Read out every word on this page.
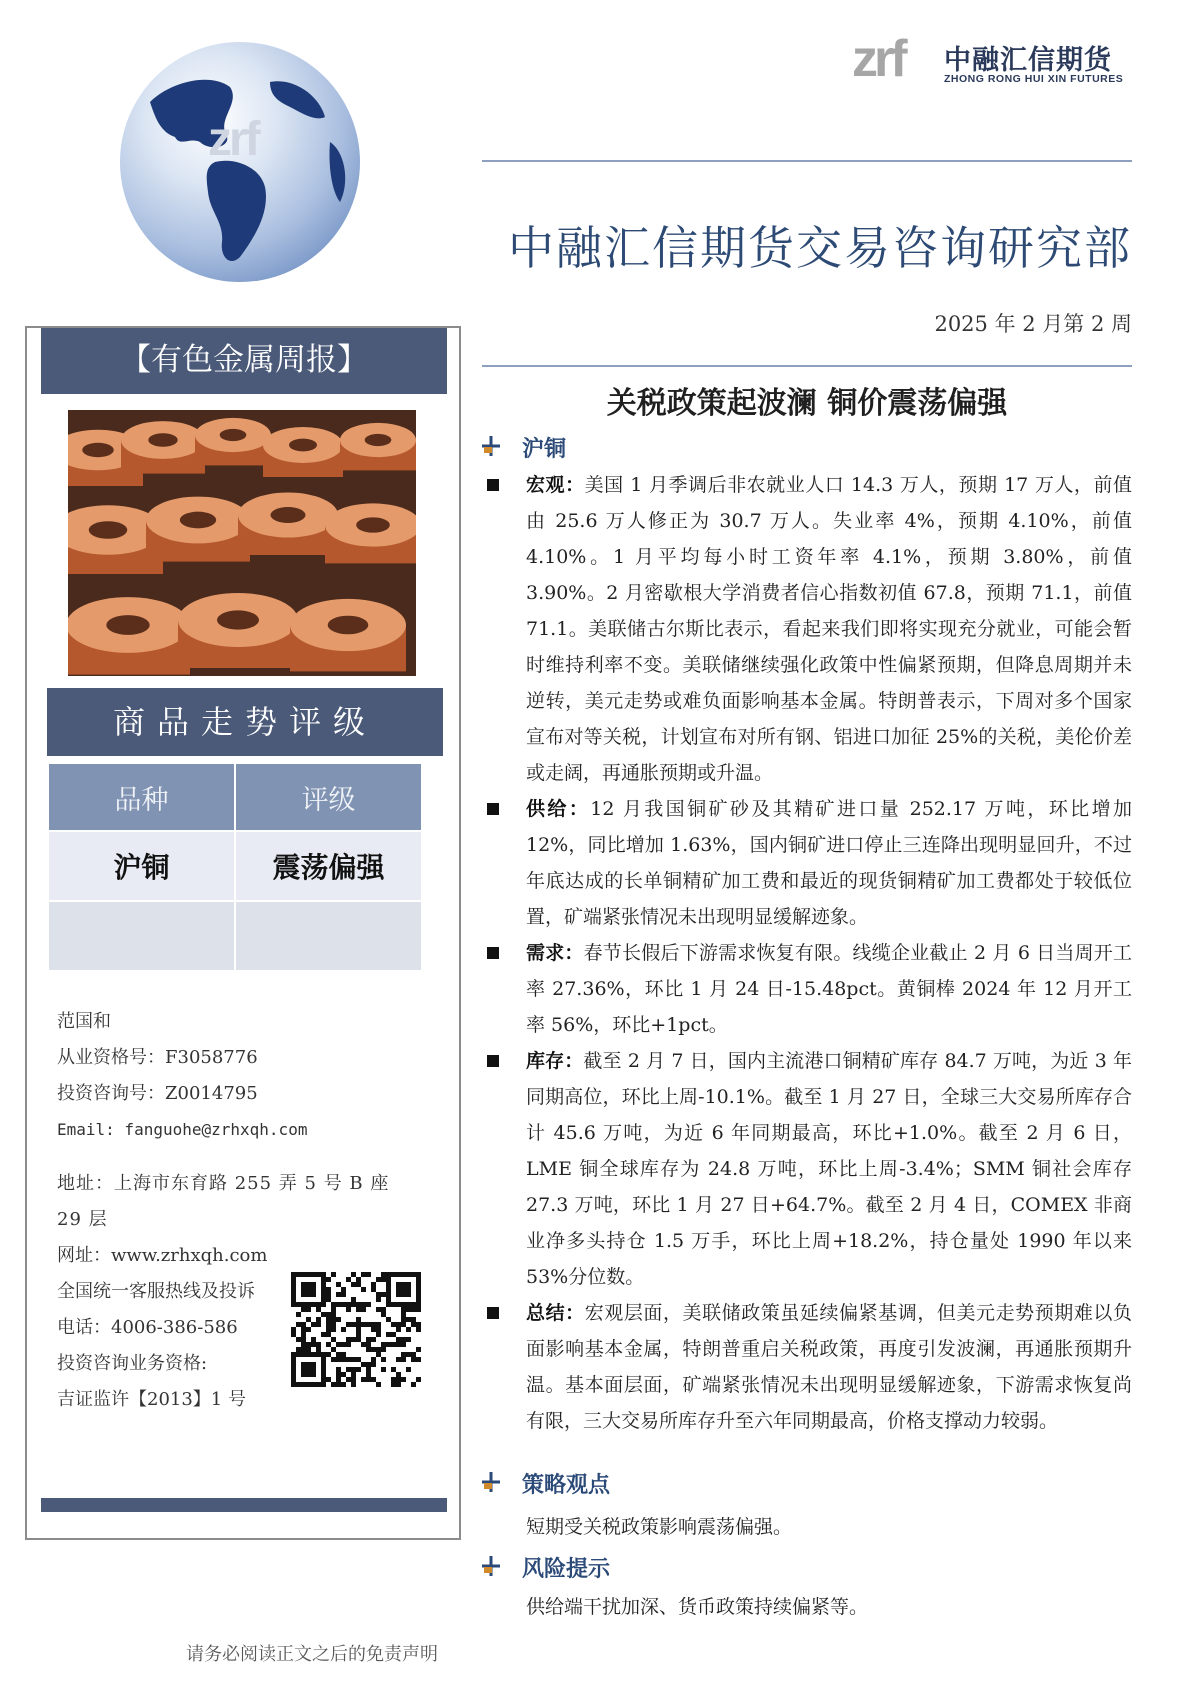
zrf
zrf 中融汇信期货
ZHONG RONG HUI XIN FUTURES
中融汇信期货交易咨询研究部
2025 年 2 月第 2 周
【有色金属周报】
商品走势评级
品种	评级
沪铜	震荡偏强

范国和
从业资格号：F3058776
投资咨询号：Z0014795
Email: fanguohe@zrhxqh.com
地址：上海市东育路 255 弄 5 号 B 座 29 层
网址：www.zrhxqh.com
全国统一客服热线及投诉
电话：4006-386-586
投资咨询业务资格:
吉证监许【2013】1 号
关税政策起波澜 铜价震荡偏强
沪铜
宏观：美国 1 月季调后非农就业人口 14.3 万人，预期 17 万人，前值由 25.6 万人修正为 30.7 万人。失业率 4%，预期 4.10%，前值 4.10%。1 月平均每小时工资年率 4.1%，预期 3.80%，前值 3.90%。2 月密歇根大学消费者信心指数初值 67.8，预期 71.1，前值 71.1。美联储古尔斯比表示，看起来我们即将实现充分就业，可能会暂时维持利率不变。美联储继续强化政策中性偏紧预期，但降息周期并未逆转，美元走势或难负面影响基本金属。特朗普表示，下周对多个国家宣布对等关税，计划宣布对所有钢、铝进口加征 25%的关税，美伦价差或走阔，再通胀预期或升温。
供给：12 月我国铜矿砂及其精矿进口量 252.17 万吨，环比增加 12%，同比增加 1.63%，国内铜矿进口停止三连降出现明显回升，不过年底达成的长单铜精矿加工费和最近的现货铜精矿加工费都处于较低位置，矿端紧张情况未出现明显缓解迹象。
需求：春节长假后下游需求恢复有限。线缆企业截止 2 月 6 日当周开工率 27.36%，环比 1 月 24 日-15.48pct。黄铜棒 2024 年 12 月开工率 56%，环比+1pct。
库存：截至 2 月 7 日，国内主流港口铜精矿库存 84.7 万吨，为近 3 年同期高位，环比上周-10.1%。截至 1 月 27 日，全球三大交易所库存合计 45.6 万吨，为近 6 年同期最高，环比+1.0%。截至 2 月 6 日，LME 铜全球库存为 24.8 万吨，环比上周-3.4%；SMM 铜社会库存 27.3 万吨，环比 1 月 27 日+64.7%。截至 2 月 4 日，COMEX 非商业净多头持仓 1.5 万手，环比上周+18.2%，持仓量处 1990 年以来 53%分位数。
总结：宏观层面，美联储政策虽延续偏紧基调，但美元走势预期难以负面影响基本金属，特朗普重启关税政策，再度引发波澜，再通胀预期升温。基本面层面，矿端紧张情况未出现明显缓解迹象，下游需求恢复尚有限，三大交易所库存升至六年同期最高，价格支撑动力较弱。
策略观点
短期受关税政策影响震荡偏强。
风险提示
供给端干扰加深、货币政策持续偏紧等。
请务必阅读正文之后的免责声明
